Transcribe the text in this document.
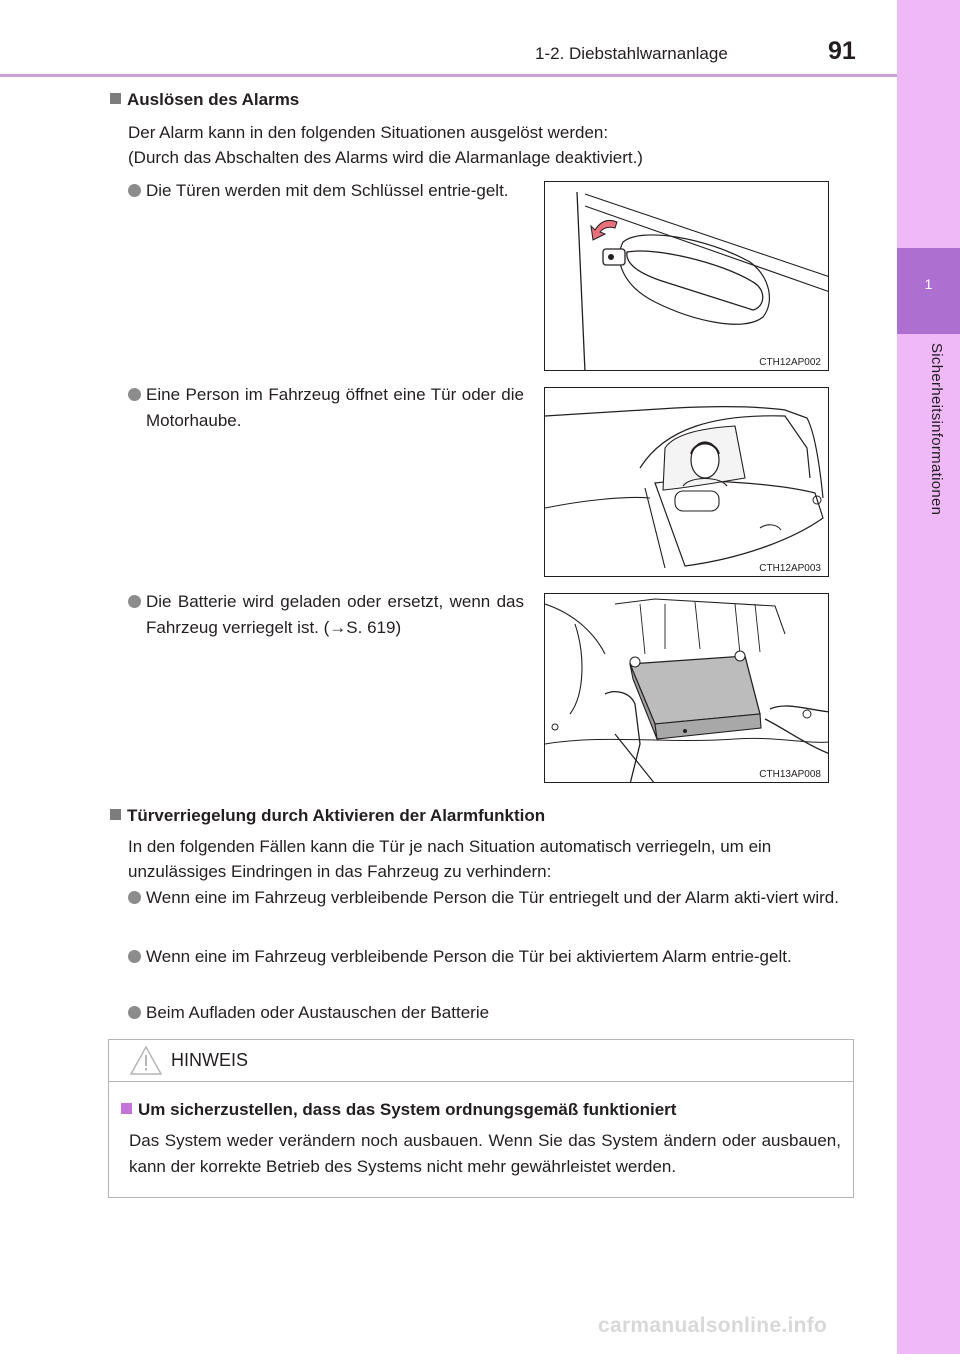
1-2. Diebstahlwarnanlage	91
1
Sicherheitsinformationen
Auslösen des Alarms
Der Alarm kann in den folgenden Situationen ausgelöst werden:
(Durch das Abschalten des Alarms wird die Alarmanlage deaktiviert.)
Die Türen werden mit dem Schlüssel entrie-gelt.
CTH12AP002
Eine Person im Fahrzeug öffnet eine Tür oder die Motorhaube.
CTH12AP003
Die Batterie wird geladen oder ersetzt, wenn das Fahrzeug verriegelt ist. (→S. 619)
CTH13AP008
Türverriegelung durch Aktivieren der Alarmfunktion
In den folgenden Fällen kann die Tür je nach Situation automatisch verriegeln, um ein unzulässiges Eindringen in das Fahrzeug zu verhindern:
Wenn eine im Fahrzeug verbleibende Person die Tür entriegelt und der Alarm akti-viert wird.
Wenn eine im Fahrzeug verbleibende Person die Tür bei aktiviertem Alarm entrie-gelt.
Beim Aufladen oder Austauschen der Batterie
HINWEIS
Um sicherzustellen, dass das System ordnungsgemäß funktioniert
Das System weder verändern noch ausbauen. Wenn Sie das System ändern oder ausbauen, kann der korrekte Betrieb des Systems nicht mehr gewährleistet werden.
carmanualsonline.info
